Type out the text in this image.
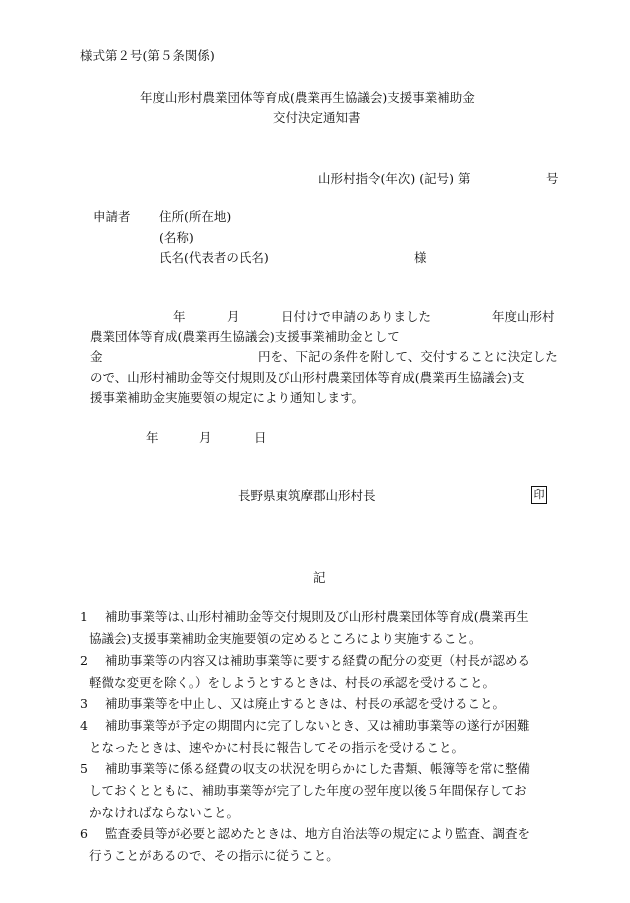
様式第２号(第５条関係)
年度山形村農業団体等育成(農業再生協議会)支援事業補助金
交付決定通知書
山形村指令(年次) (記号) 第	号
申請者 住所(所在地)
(名称)
氏名(代表者の氏名)	様
年	月	日付けで申請のありました	年度山形村
農業団体等育成(農業再生協議会)支援事業補助金として
金	円を、下記の条件を附して、交付することに決定した
ので、山形村補助金等交付規則及び山形村農業団体等育成(農業再生協議会)支
援事業補助金実施要領の規定により通知します。
年	月	日
長野県東筑摩郡山形村長	印
記
1	補助事業等は､山形村補助金等交付規則及び山形村農業団体等育成(農業再生
協議会)支援事業補助金実施要領の定めるところにより実施すること。
2	補助事業等の内容又は補助事業等に要する経費の配分の変更（村長が認める
軽微な変更を除く。）をしようとするときは、村長の承認を受けること。
3	補助事業等を中止し、又は廃止するときは、村長の承認を受けること。
4	補助事業等が予定の期間内に完了しないとき、又は補助事業等の遂行が困難
となったときは、速やかに村長に報告してその指示を受けること。
5	補助事業等に係る経費の収支の状況を明らかにした書類、帳簿等を常に整備
しておくとともに、補助事業等が完了した年度の翌年度以後５年間保存してお
かなければならないこと。
6	監査委員等が必要と認めたときは、地方自治法等の規定により監査、調査を
行うことがあるので、その指示に従うこと。
